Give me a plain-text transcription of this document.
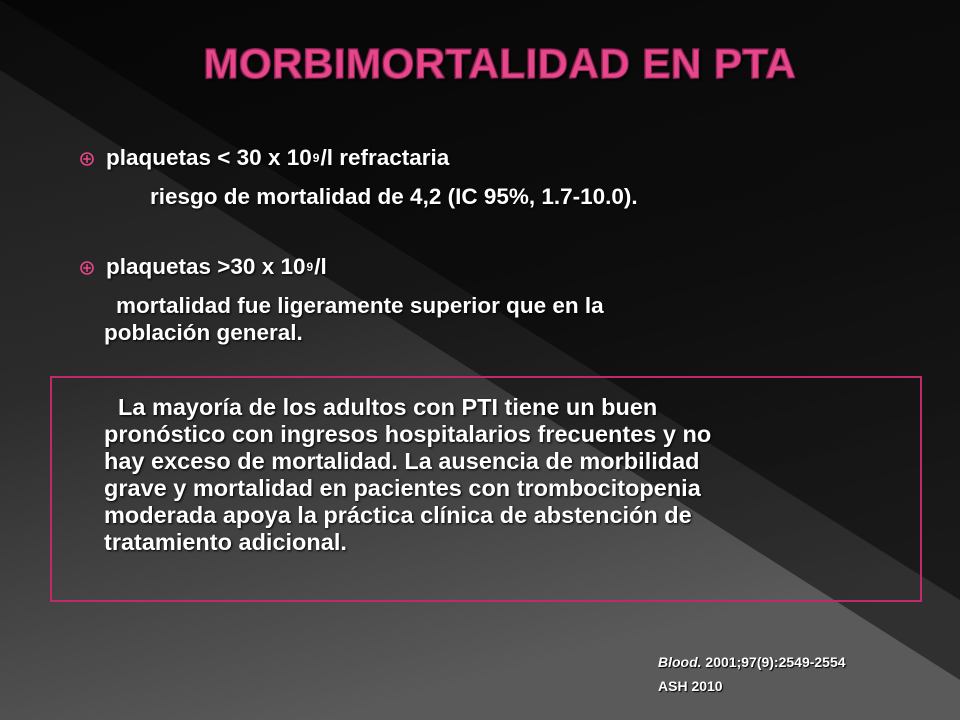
MORBIMORTALIDAD EN PTA
plaquetas < 30 x 10 9 /l refractaria
riesgo de mortalidad de 4,2 (IC 95%, 1.7-10.0).
plaquetas >30 x 10 9 /l
mortalidad fue ligeramente superior que en la
población general.
La mayoría de los adultos con PTI tiene un buen
pronóstico con ingresos hospitalarios frecuentes y no
hay exceso de mortalidad. La ausencia de morbilidad
grave y mortalidad en pacientes con trombocitopenia
moderada apoya la práctica clínica de abstención de
tratamiento adicional.
Blood. 2001;97(9):2549-2554
ASH 2010
